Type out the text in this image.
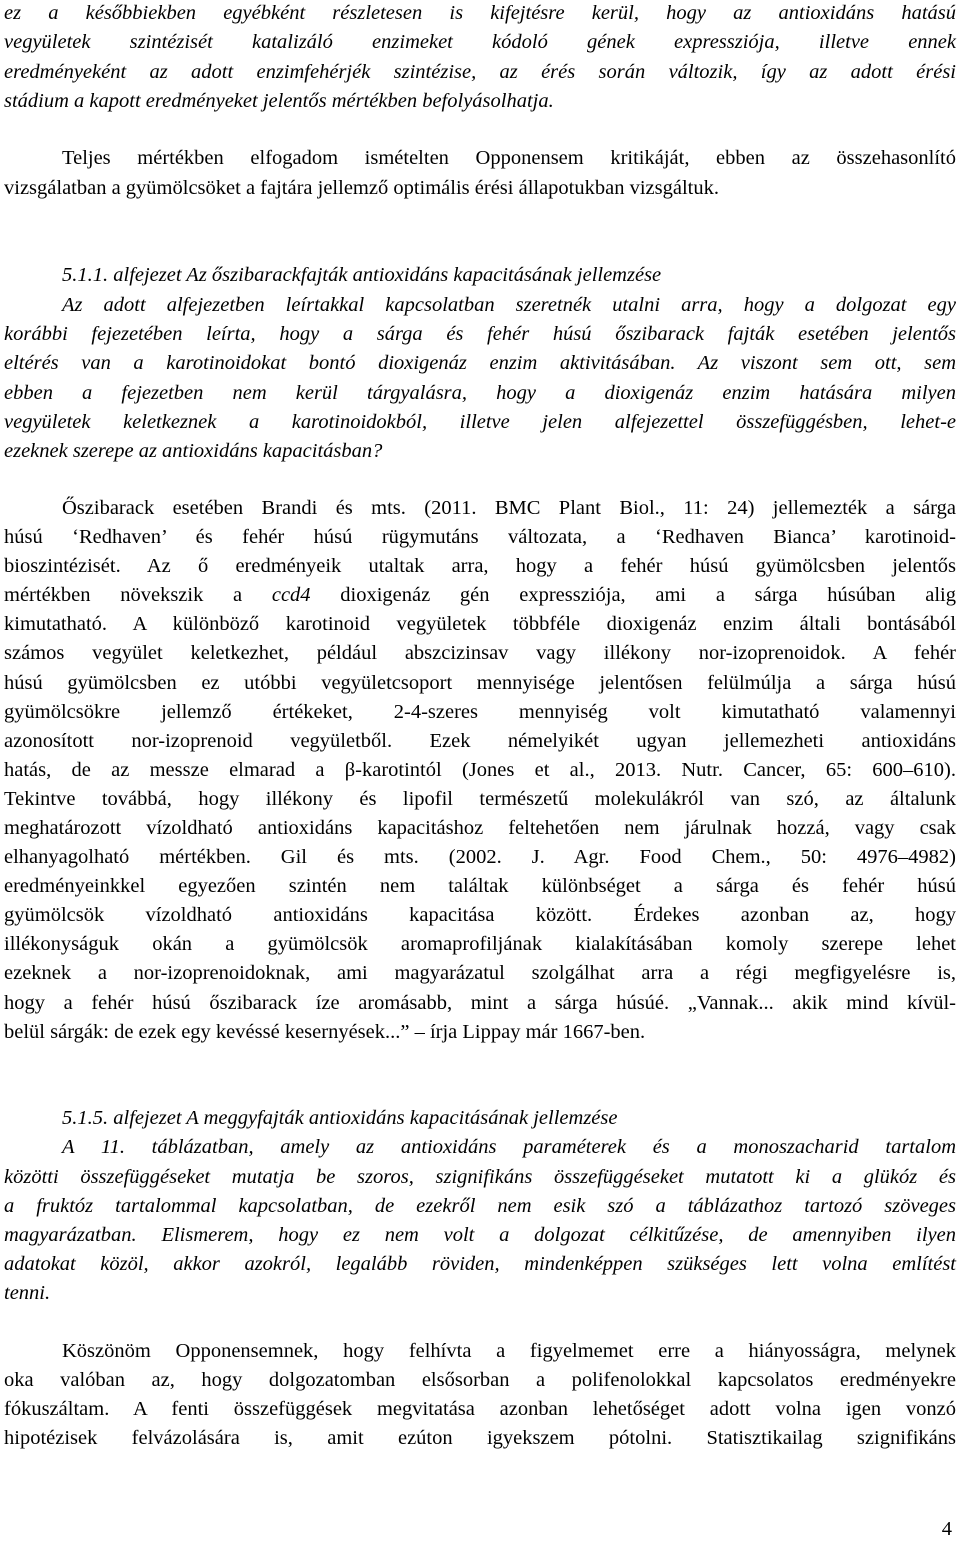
ez a későbbiekben egyébként részletesen is kifejtésre kerül, hogy az antioxidáns hatású
vegyületek szintézisét katalizáló enzimeket kódoló gének expressziója, illetve ennek
eredményeként az adott enzimfehérjék szintézise, az érés során változik, így az adott érési
stádium a kapott eredményeket jelentős mértékben befolyásolhatja.
Teljes mértékben elfogadom ismételten Opponensem kritikáját, ebben az összehasonlító
vizsgálatban a gyümölcsöket a fajtára jellemző optimális érési állapotukban vizsgáltuk.
5.1.1. alfejezet Az őszibarackfajták antioxidáns kapacitásának jellemzése
Az adott alfejezetben leírtakkal kapcsolatban szeretnék utalni arra, hogy a dolgozat egy
korábbi fejezetében leírta, hogy a sárga és fehér húsú őszibarack fajták esetében jelentős
eltérés van a karotinoidokat bontó dioxigenáz enzim aktivitásában. Az viszont sem ott, sem
ebben a fejezetben nem kerül tárgyalásra, hogy a dioxigenáz enzim hatására milyen
vegyületek keletkeznek a karotinoidokból, illetve jelen alfejezettel összefüggésben, lehet-e
ezeknek szerepe az antioxidáns kapacitásban?
Őszibarack esetében Brandi és mts. (2011. BMC Plant Biol., 11: 24) jellemezték a sárga
húsú ‘Redhaven’ és fehér húsú rügymutáns változata, a ‘Redhaven Bianca’ karotinoid-
bioszintézisét. Az ő eredményeik utaltak arra, hogy a fehér húsú gyümölcsben jelentős
mértékben növekszik a ccd4 dioxigenáz gén expressziója, ami a sárga húsúban alig
kimutatható. A különböző karotinoid vegyületek többféle dioxigenáz enzim általi bontásából
számos vegyület keletkezhet, például abszcizinsav vagy illékony nor-izoprenoidok. A fehér
húsú gyümölcsben ez utóbbi vegyületcsoport mennyisége jelentősen felülmúlja a sárga húsú
gyümölcsökre jellemző értékeket, 2-4-szeres mennyiség volt kimutatható valamennyi
azonosított nor-izoprenoid vegyületből. Ezek némelyikét ugyan jellemezheti antioxidáns
hatás, de az messze elmarad a β-karotintól (Jones et al., 2013. Nutr. Cancer, 65: 600–610).
Tekintve továbbá, hogy illékony és lipofil természetű molekulákról van szó, az általunk
meghatározott vízoldható antioxidáns kapacitáshoz feltehetően nem járulnak hozzá, vagy csak
elhanyagolható mértékben. Gil és mts. (2002. J. Agr. Food Chem., 50: 4976–4982)
eredményeinkkel egyezően szintén nem találtak különbséget a sárga és fehér húsú
gyümölcsök vízoldható antioxidáns kapacitása között. Érdekes azonban az, hogy
illékonyságuk okán a gyümölcsök aromaprofiljának kialakításában komoly szerepe lehet
ezeknek a nor-izoprenoidoknak, ami magyarázatul szolgálhat arra a régi megfigyelésre is,
hogy a fehér húsú őszibarack íze aromásabb, mint a sárga húsúé. „Vannak... akik mind kívül-
belül sárgák: de ezek egy kevéssé kesernyések...” – írja Lippay már 1667-ben.
5.1.5. alfejezet A meggyfajták antioxidáns kapacitásának jellemzése
A 11. táblázatban, amely az antioxidáns paraméterek és a monoszacharid tartalom
közötti összefüggéseket mutatja be szoros, szignifikáns összefüggéseket mutatott ki a glükóz és
a fruktóz tartalommal kapcsolatban, de ezekről nem esik szó a táblázathoz tartozó szöveges
magyarázatban. Elismerem, hogy ez nem volt a dolgozat célkitűzése, de amennyiben ilyen
adatokat közöl, akkor azokról, legalább röviden, mindenképpen szükséges lett volna említést
tenni.
Köszönöm Opponensemnek, hogy felhívta a figyelmemet erre a hiányosságra, melynek
oka valóban az, hogy dolgozatomban elsősorban a polifenolokkal kapcsolatos eredményekre
fókuszáltam. A fenti összefüggések megvitatása azonban lehetőséget adott volna igen vonzó
hipotézisek felvázolására is, amit ezúton igyekszem pótolni. Statisztikailag szignifikáns
4
